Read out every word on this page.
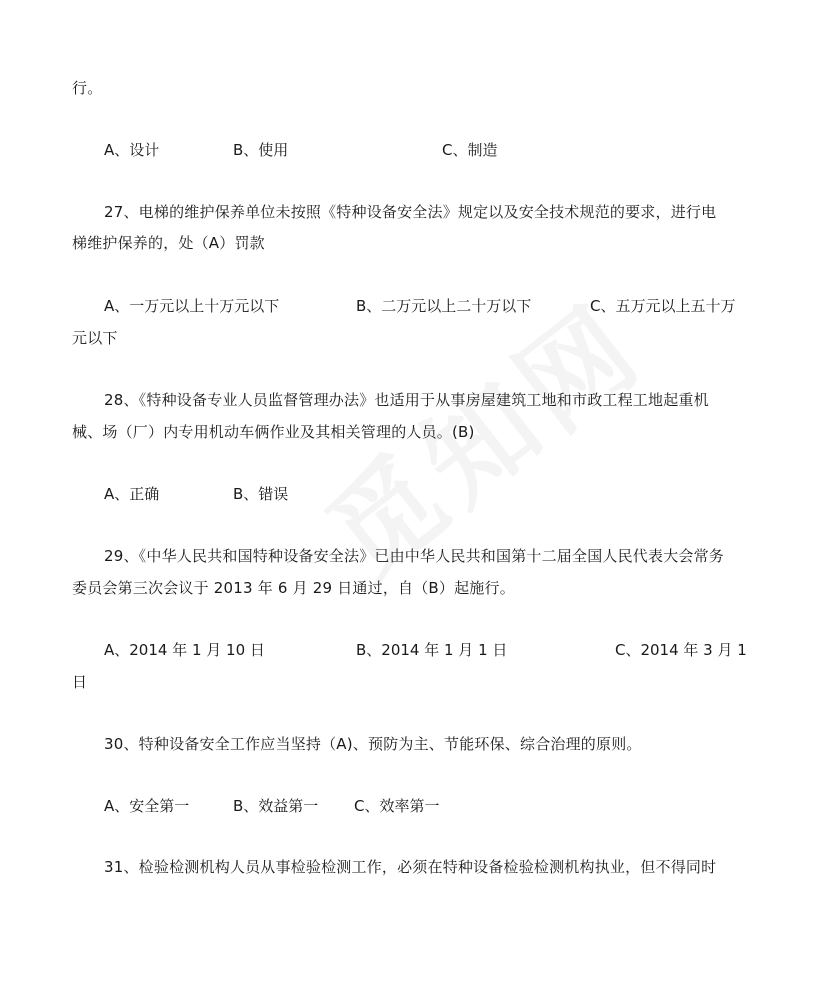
行。
A、设计	B、使用	C、制造
27、电梯的维护保养单位未按照《特种设备安全法》规定以及安全技术规范的要求，进行电
梯维护保养的，处（A）罚款
A、一万元以上十万元以下	B、二万元以上二十万以下	C、五万元以上五十万
元以下
28、《特种设备专业人员监督管理办法》也适用于从事房屋建筑工地和市政工程工地起重机
械、场（厂）内专用机动车俩作业及其相关管理的人员。(B)
A、正确	B、错误
29、《中华人民共和国特种设备安全法》已由中华人民共和国第十二届全国人民代表大会常务
委员会第三次会议于 2013 年 6 月 29 日通过，自（B）起施行。
A、2014 年 1 月 10 日	B、2014 年 1 月 1 日	C、2014 年 3 月 1
日
30、特种设备安全工作应当坚持（A)、预防为主、节能环保、综合治理的原则。
A、安全第一	B、效益第一 C、效率第一
31、检验检测机构人员从事检验检测工作，必须在特种设备检验检测机构执业，但不得同时
